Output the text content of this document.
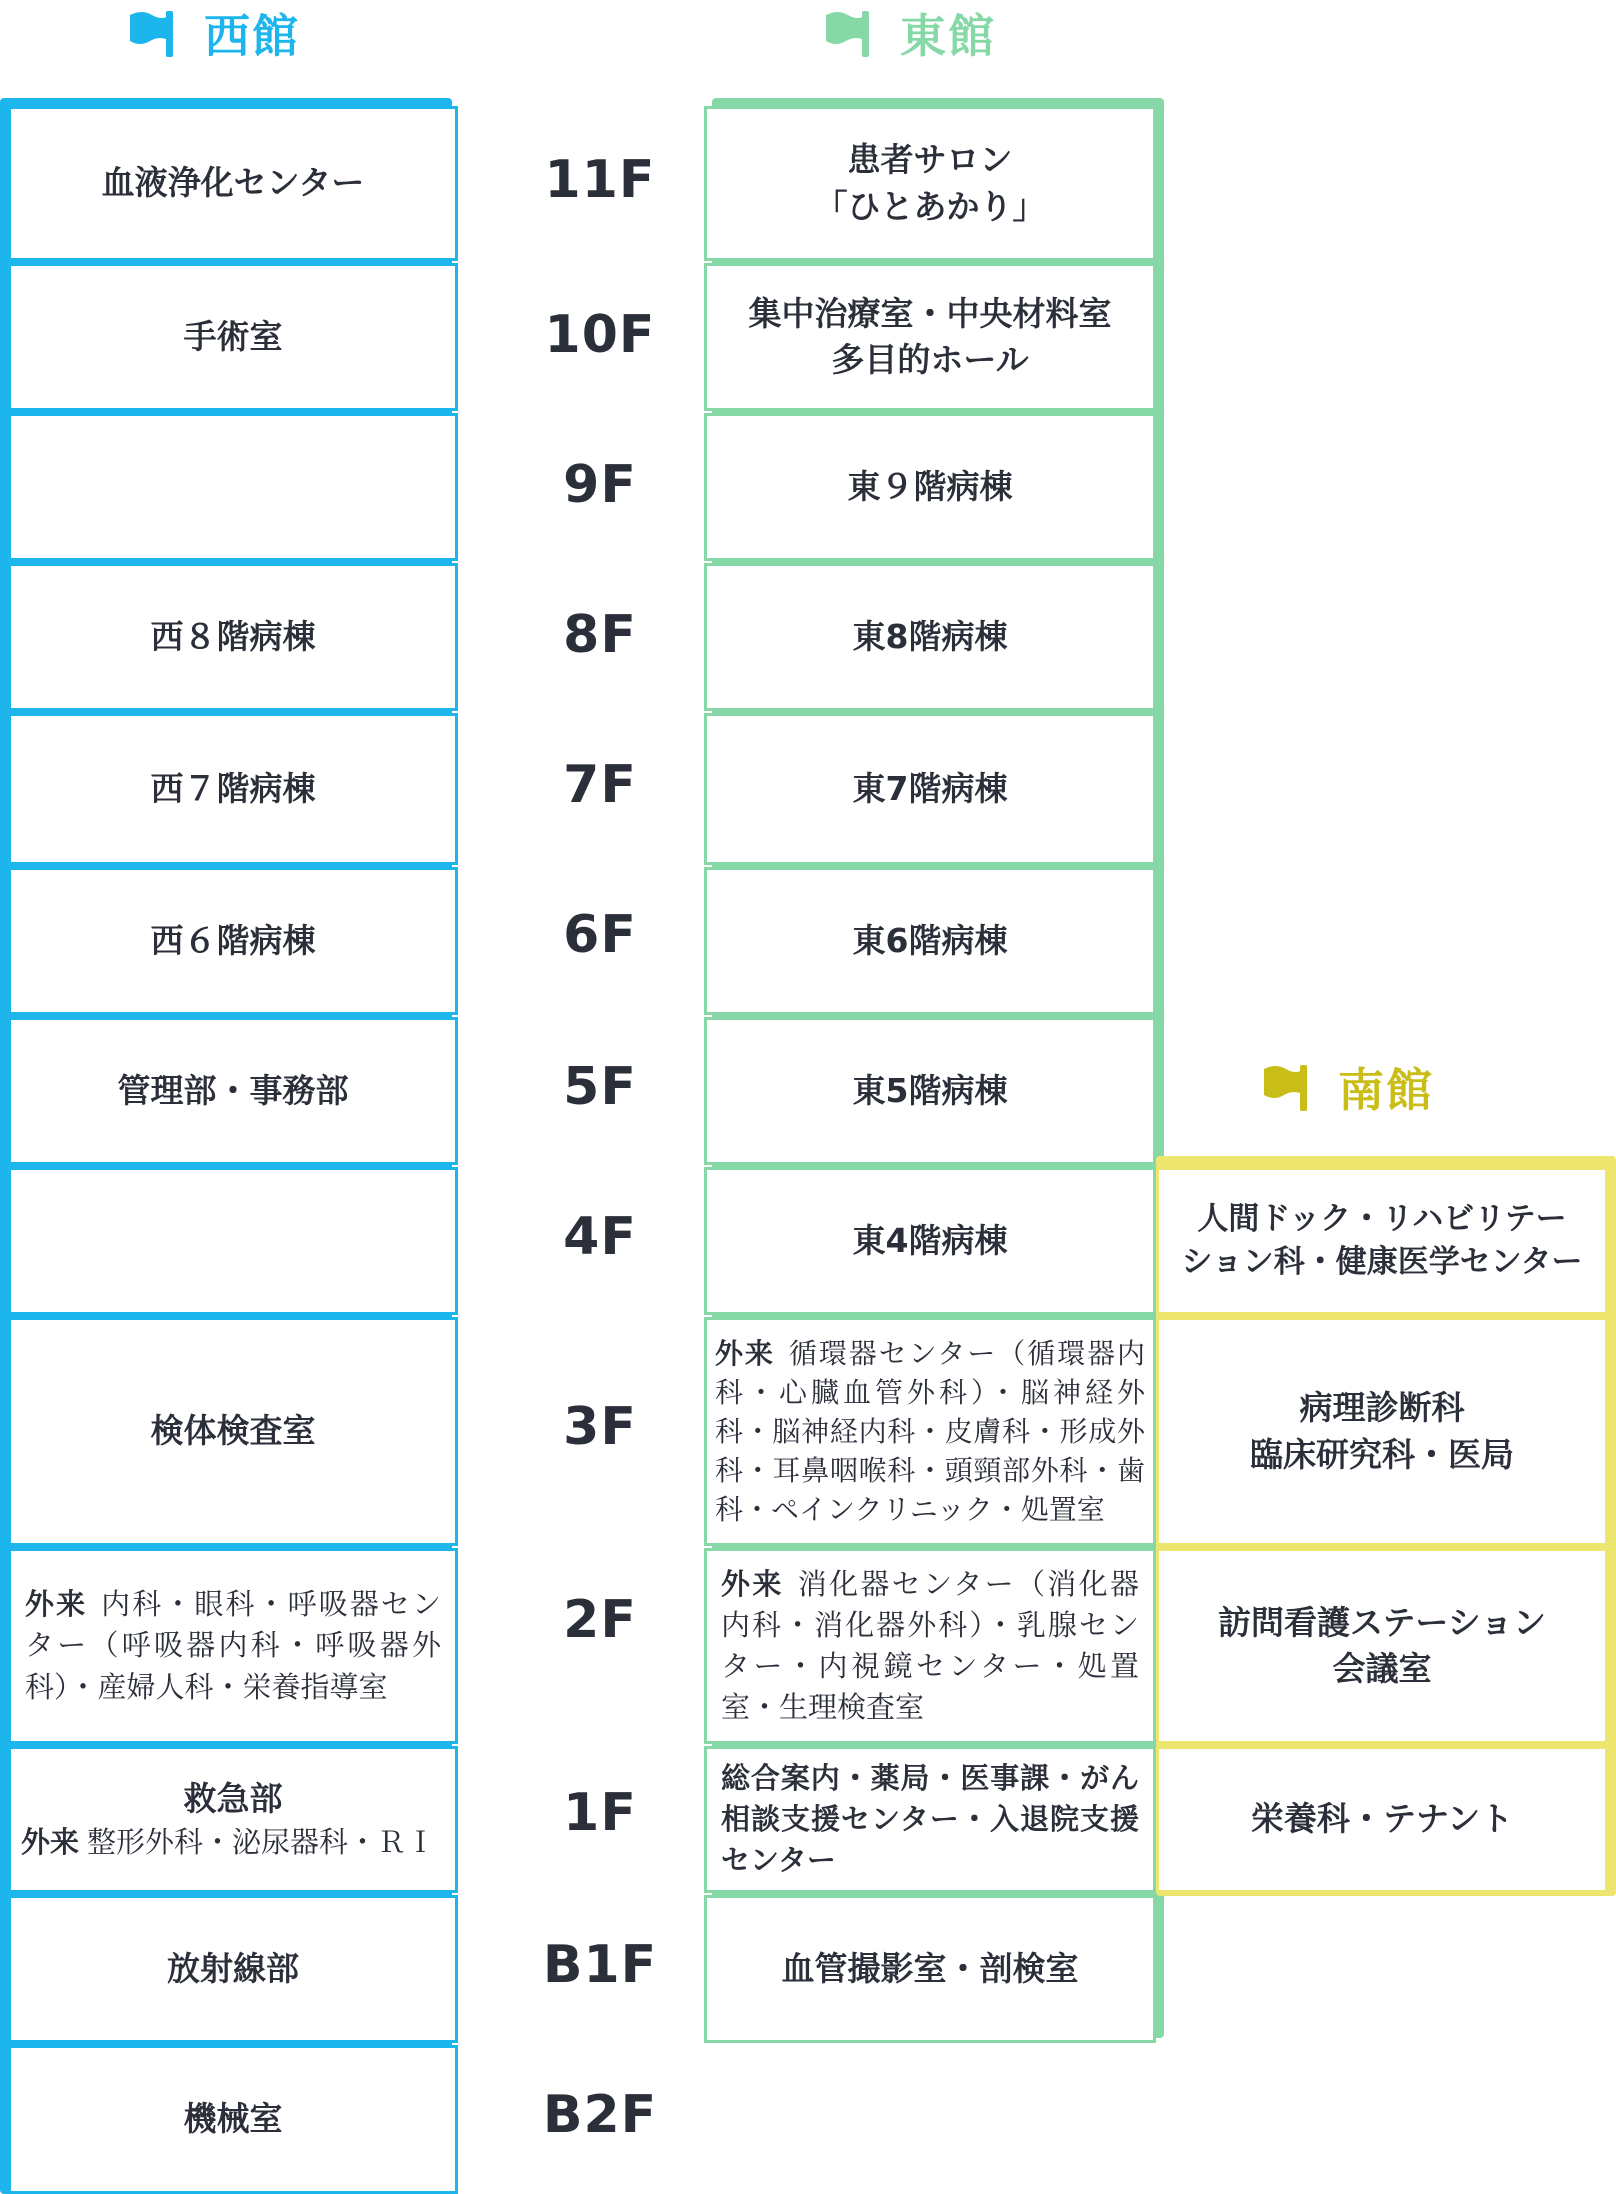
西館	東館
南館
血液浄化センター
手術室
西８階病棟
西７階病棟
西６階病棟
管理部・事務部
検体検査室
外来 内科・眼科・呼吸器センター（呼吸器内科・呼吸器外科）・産婦人科・栄養指導室
救急部
外来 整形外科・泌尿器科・ＲＩ
放射線部
機械室
11F
10F
9F
8F
7F
6F
5F
4F
3F
2F
1F
B1F
B2F
患者サロン
「ひとあかり」
集中治療室・中央材料室
多目的ホール
東９階病棟
東8階病棟
東7階病棟
東6階病棟
東5階病棟
東4階病棟
外来 循環器センター（循環器内科・心臓血管外科）・脳神経外科・脳神経内科・皮膚科・形成外科・耳鼻咽喉科・頭頸部外科・歯科・ペインクリニック・処置室
外来 消化器センター（消化器内科・消化器外科）・乳腺センター・内視鏡センター・処置室・生理検査室
総合案内・薬局・医事課・がん相談支援センター・入退院支援センター
血管撮影室・剖検室
人間ドック・リハビリテー
ション科・健康医学センター
病理診断科
臨床研究科・医局
訪問看護ステーション
会議室
栄養科・テナント
